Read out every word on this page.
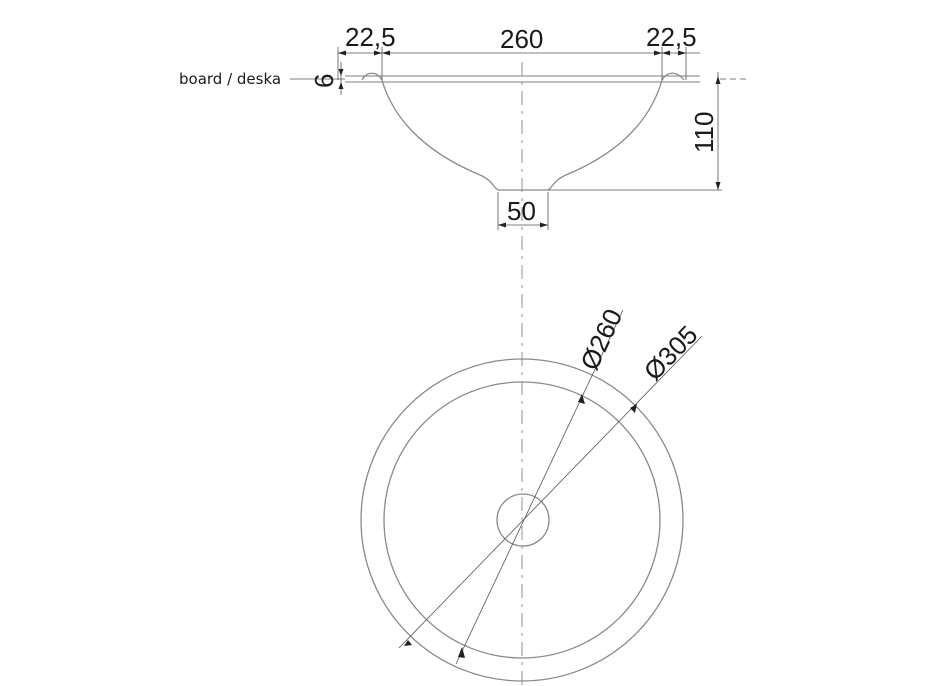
22,5	260	22,5
board / deska 6
110
50
Ø260 Ø305
